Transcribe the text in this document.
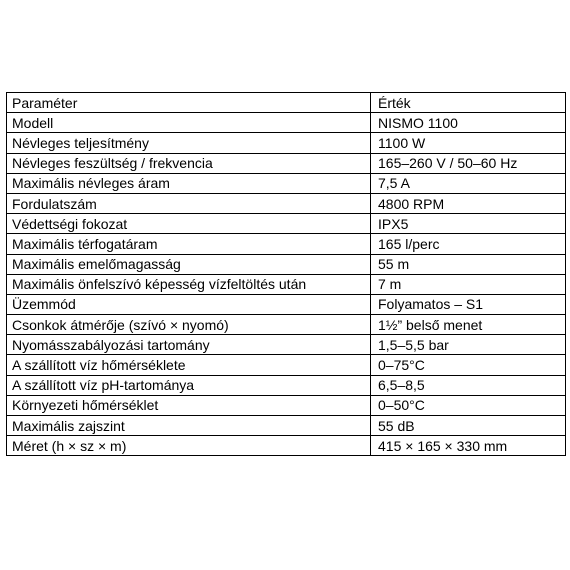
Paraméter	Érték
Modell	NISMO 1100
Névleges teljesítmény	1100 W
Névleges feszültség / frekvencia	165–260 V / 50–60 Hz
Maximális névleges áram	7,5 A
Fordulatszám	4800 RPM
Védettségi fokozat	IPX5
Maximális térfogatáram	165 l/perc
Maximális emelőmagasság	55 m
Maximális önfelszívó képesség vízfeltöltés után	7 m
Üzemmód	Folyamatos – S1
Csonkok átmérője (szívó × nyomó)	1½” belső menet
Nyomásszabályozási tartomány	1,5–5,5 bar
A szállított víz hőmérséklete	0–75°C
A szállított víz pH-tartománya	6,5–8,5
Környezeti hőmérséklet	0–50°C
Maximális zajszint	55 dB
Méret (h × sz × m)	415 × 165 × 330 mm
